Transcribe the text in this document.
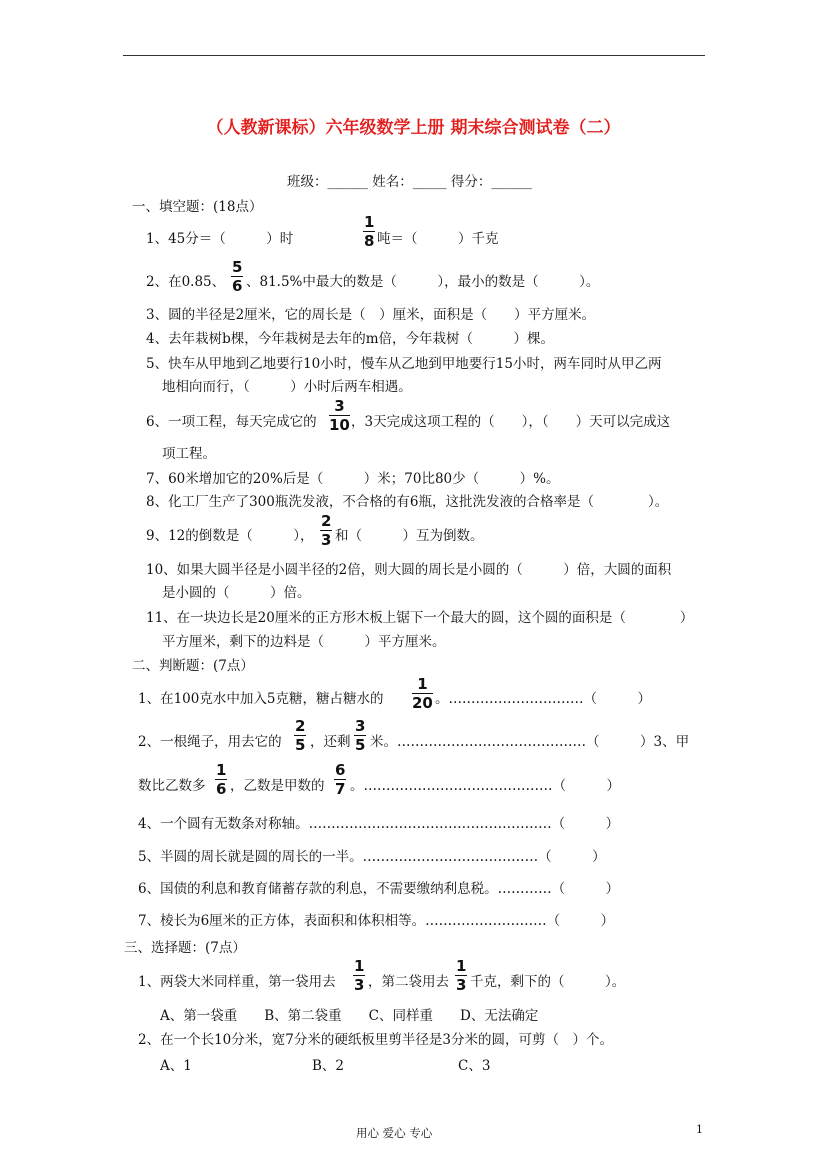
（人教新课标）六年级数学上册 期末综合测试卷（二）
班级：______ 姓名：_____ 得分：______
一、填空题：(18点）
1、45分＝（　　　）时	$\frac{1}{8}$ 吨＝（　　　）千克
2、在0.85、 $\frac{5}{6}$ 、81.5%中最大的数是（　　　），最小的数是（　　　）。
3、圆的半径是2厘米，它的周长是（　）厘米，面积是（　　）平方厘米。
4、去年栽树b棵，今年栽树是去年的m倍，今年栽树（　　　）棵。
5、快车从甲地到乙地要行10小时，慢车从乙地到甲地要行15小时，两车同时从甲乙两
地相向而行，（　　　）小时后两车相遇。
6、一项工程，每天完成它的 $\frac{3}{10}$ ，3天完成这项工程的（　　），（　　）天可以完成这
项工程。
7、60米增加它的20%后是（　　　）米；70比80少（　　　）%。
8、化工厂生产了300瓶洗发液，不合格的有6瓶，这批洗发液的合格率是（　　　　）。
9、12的倒数是（　　　）， $\frac{2}{3}$ 和（　　　）互为倒数。
10、如果大圆半径是小圆半径的2倍，则大圆的周长是小圆的（　　　）倍，大圆的面积
是小圆的（　　　）倍。
11、在一块边长是20厘米的正方形木板上锯下一个最大的圆，这个圆的面积是（　　　　）
平方厘米，剩下的边料是（　　　）平方厘米。
二、判断题：(7点）
1、在100克水中加入5克糖，糖占糖水的 $\frac{1}{20}$ 。…………………………（　　　）
2、一根绳子，用去它的 $\frac{2}{5}$ ，还剩 $\frac{3}{5}$ 米。……………………………………（　　　）3、甲
数比乙数多 $\frac{1}{6}$ ，乙数是甲数的 $\frac{6}{7}$ 。……………………………………（　　　）
4、一个圆有无数条对称轴。………………………………………………（　　　）
5、半圆的周长就是圆的周长的一半。…………………………………（　　　）
6、国债的利息和教育储蓄存款的利息，不需要缴纳利息税。…………（　　　）
7、棱长为6厘米的正方体，表面积和体积相等。………………………（　　　）
三、选择题：(7点）
1、两袋大米同样重，第一袋用去 $\frac{1}{3}$ ，第二袋用去 $\frac{1}{3}$ 千克，剩下的（　　　）。
A、第一袋重　　B、第二袋重　　C、同样重　　D、无法确定
2、在一个长10分米，宽7分米的硬纸板里剪半径是3分米的圆，可剪（　）个。
A、1	B、2	C、3
用心 爱心 专心	1
